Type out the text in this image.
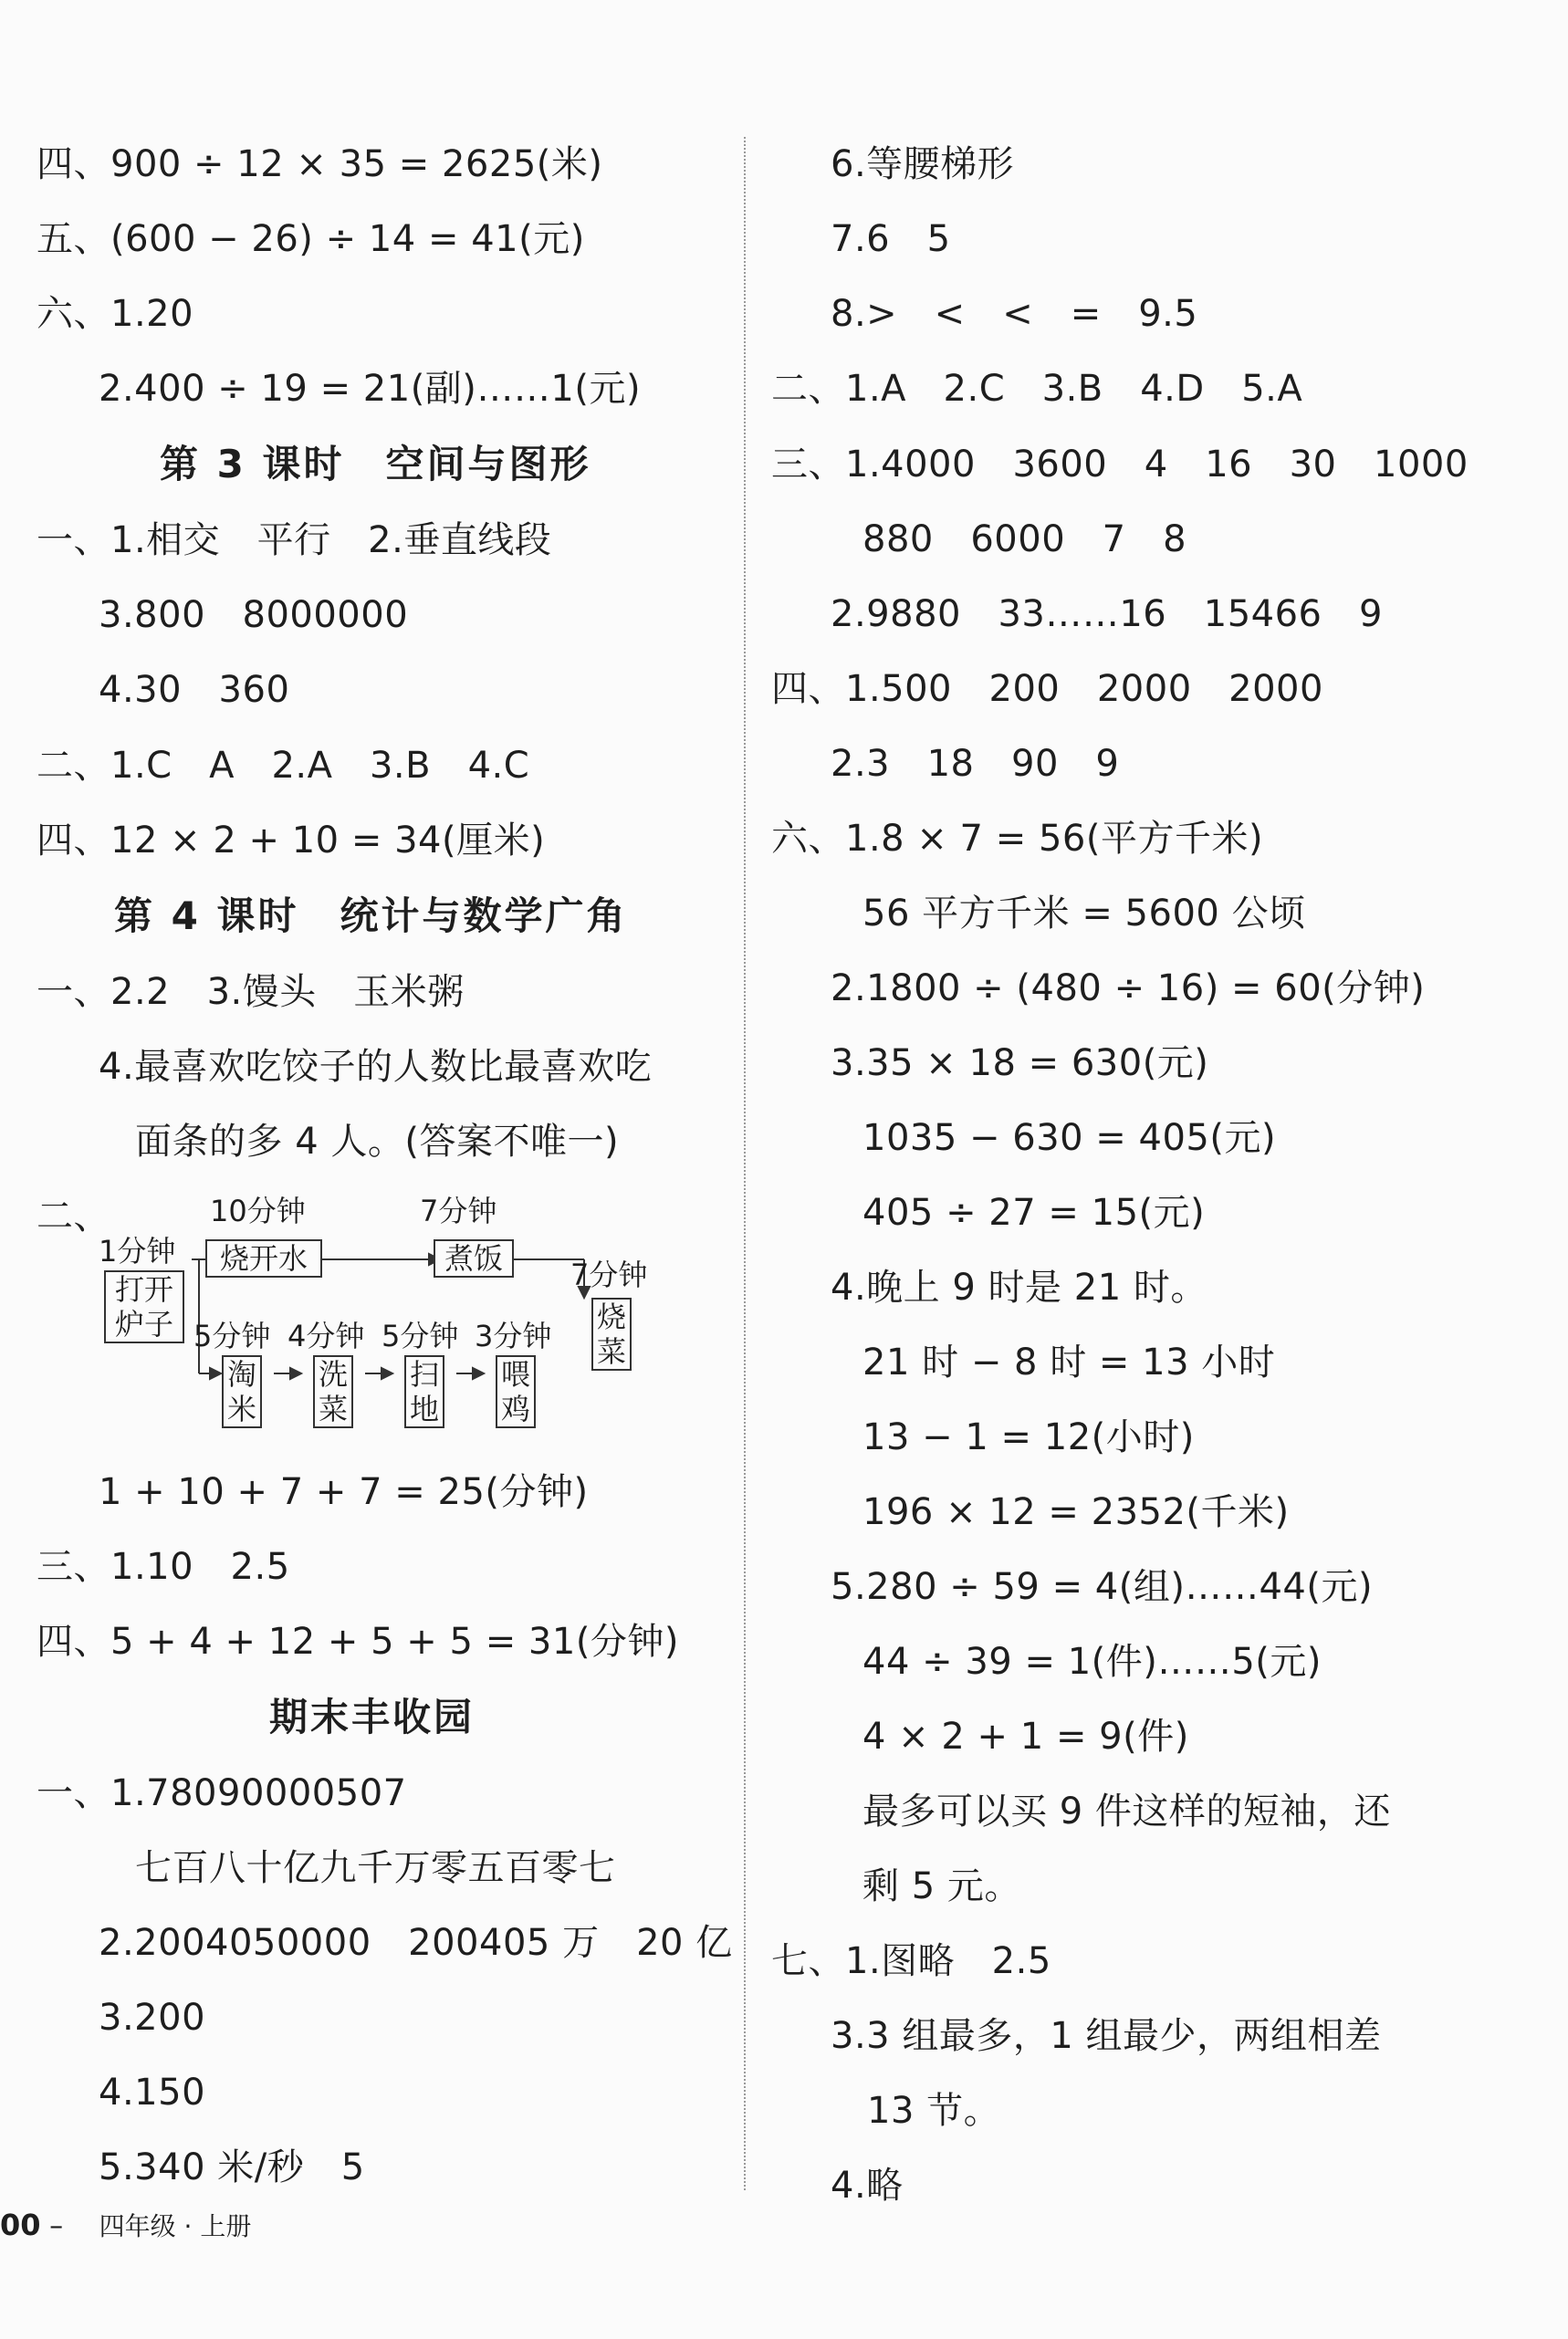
四、900 ÷ 12 × 35 = 2625(米)
五、(600 − 26) ÷ 14 = 41(元)
六、1.20
2.400 ÷ 19 = 21(副)……1(元)
第 3 课时　空间与图形
一、1.相交　平行　2.垂直线段
3.800　8000000
4.30　360
二、1.C　A　2.A　3.B　4.C
四、12 × 2 + 10 = 34(厘米)
第 4 课时　统计与数学广角
一、2.2　3.馒头　玉米粥
4.最喜欢吃饺子的人数比最喜欢吃
面条的多 4 人。(答案不唯一)
二、
1分钟
打开炉子
10分钟
烧开水
7分钟
煮饭	7分钟
烧菜
5分钟
淘米
4分钟
洗菜
5分钟
扫地
3分钟
喂鸡
1 + 10 + 7 + 7 = 25(分钟)
三、1.10　2.5
四、5 + 4 + 12 + 5 + 5 = 31(分钟)
期末丰收园
一、1.78090000507
七百八十亿九千万零五百零七
2.2004050000　200405 万　20 亿
3.200
4.150
5.340 米/秒　5
6.等腰梯形
7.6　5
8.>　<　<　=　9.5
二、1.A　2.C　3.B　4.D　5.A
三、1.4000　3600　4　16　30　1000
880　6000　7　8
2.9880　33……16　15466　9
四、1.500　200　2000　2000
2.3　18　90　9
六、1.8 × 7 = 56(平方千米)
56 平方千米 = 5600 公顷
2.1800 ÷ (480 ÷ 16) = 60(分钟)
3.35 × 18 = 630(元)
1035 − 630 = 405(元)
405 ÷ 27 = 15(元)
4.晚上 9 时是 21 时。
21 时 − 8 时 = 13 小时
13 − 1 = 12(小时)
196 × 12 = 2352(千米)
5.280 ÷ 59 = 4(组)……44(元)
44 ÷ 39 = 1(件)……5(元)
4 × 2 + 1 = 9(件)
最多可以买 9 件这样的短袖，还
剩 5 元。
七、1.图略　2.5
3.3 组最多，1 组最少，两组相差
13 节。
4.略
00 – 四年级 · 上册
